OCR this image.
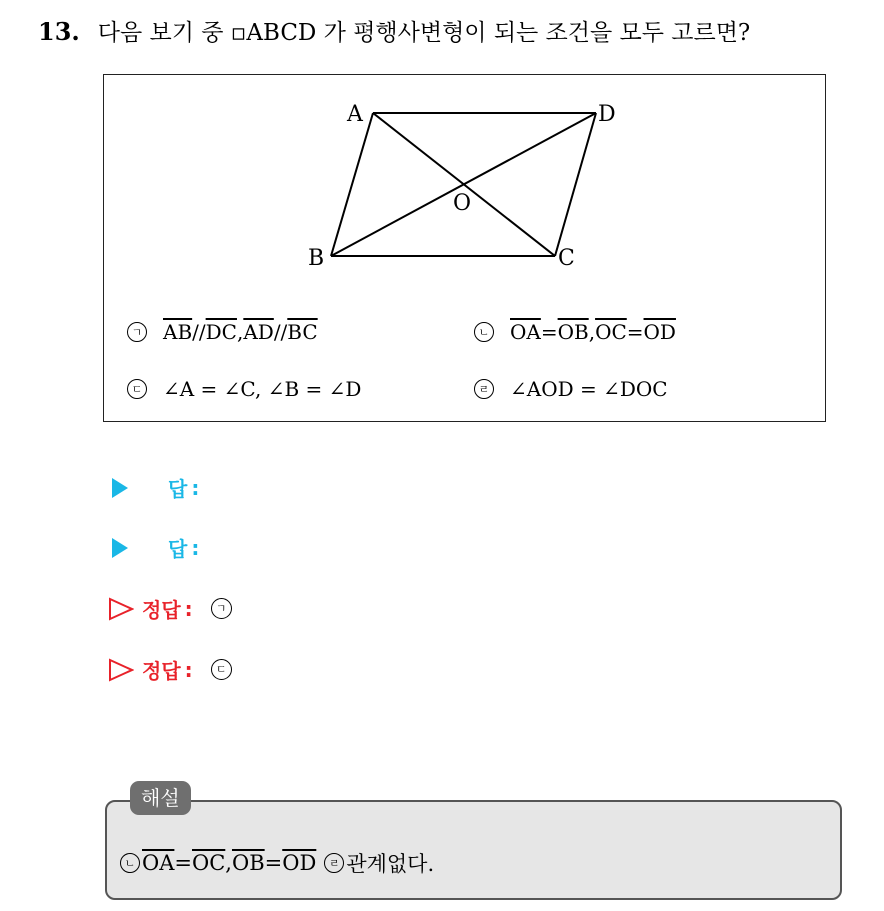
13. 다음 보기 중 ▫ABCD 가 평행사변형이 되는 조건을 모두 고르면?
A	D
O
B	C
ㄱ $\overline{AB} // \overline{DC}$ , $\overline{AD} // \overline{BC}$	ㄴ $\overline{OA} = \overline{OB}$ , $\overline{OC} = \overline{OD}$
ㄷ ∠A = ∠C, ∠B = ∠D	ㄹ ∠AOD = ∠DOC
답 :
답 :
정답 :	ㄱ
정답 :	ㄷ
해설
ㄴ $\overline{OA} = \overline{OC}$ , $\overline{OB} = \overline{OD}$	ㄹ 관계없다.
